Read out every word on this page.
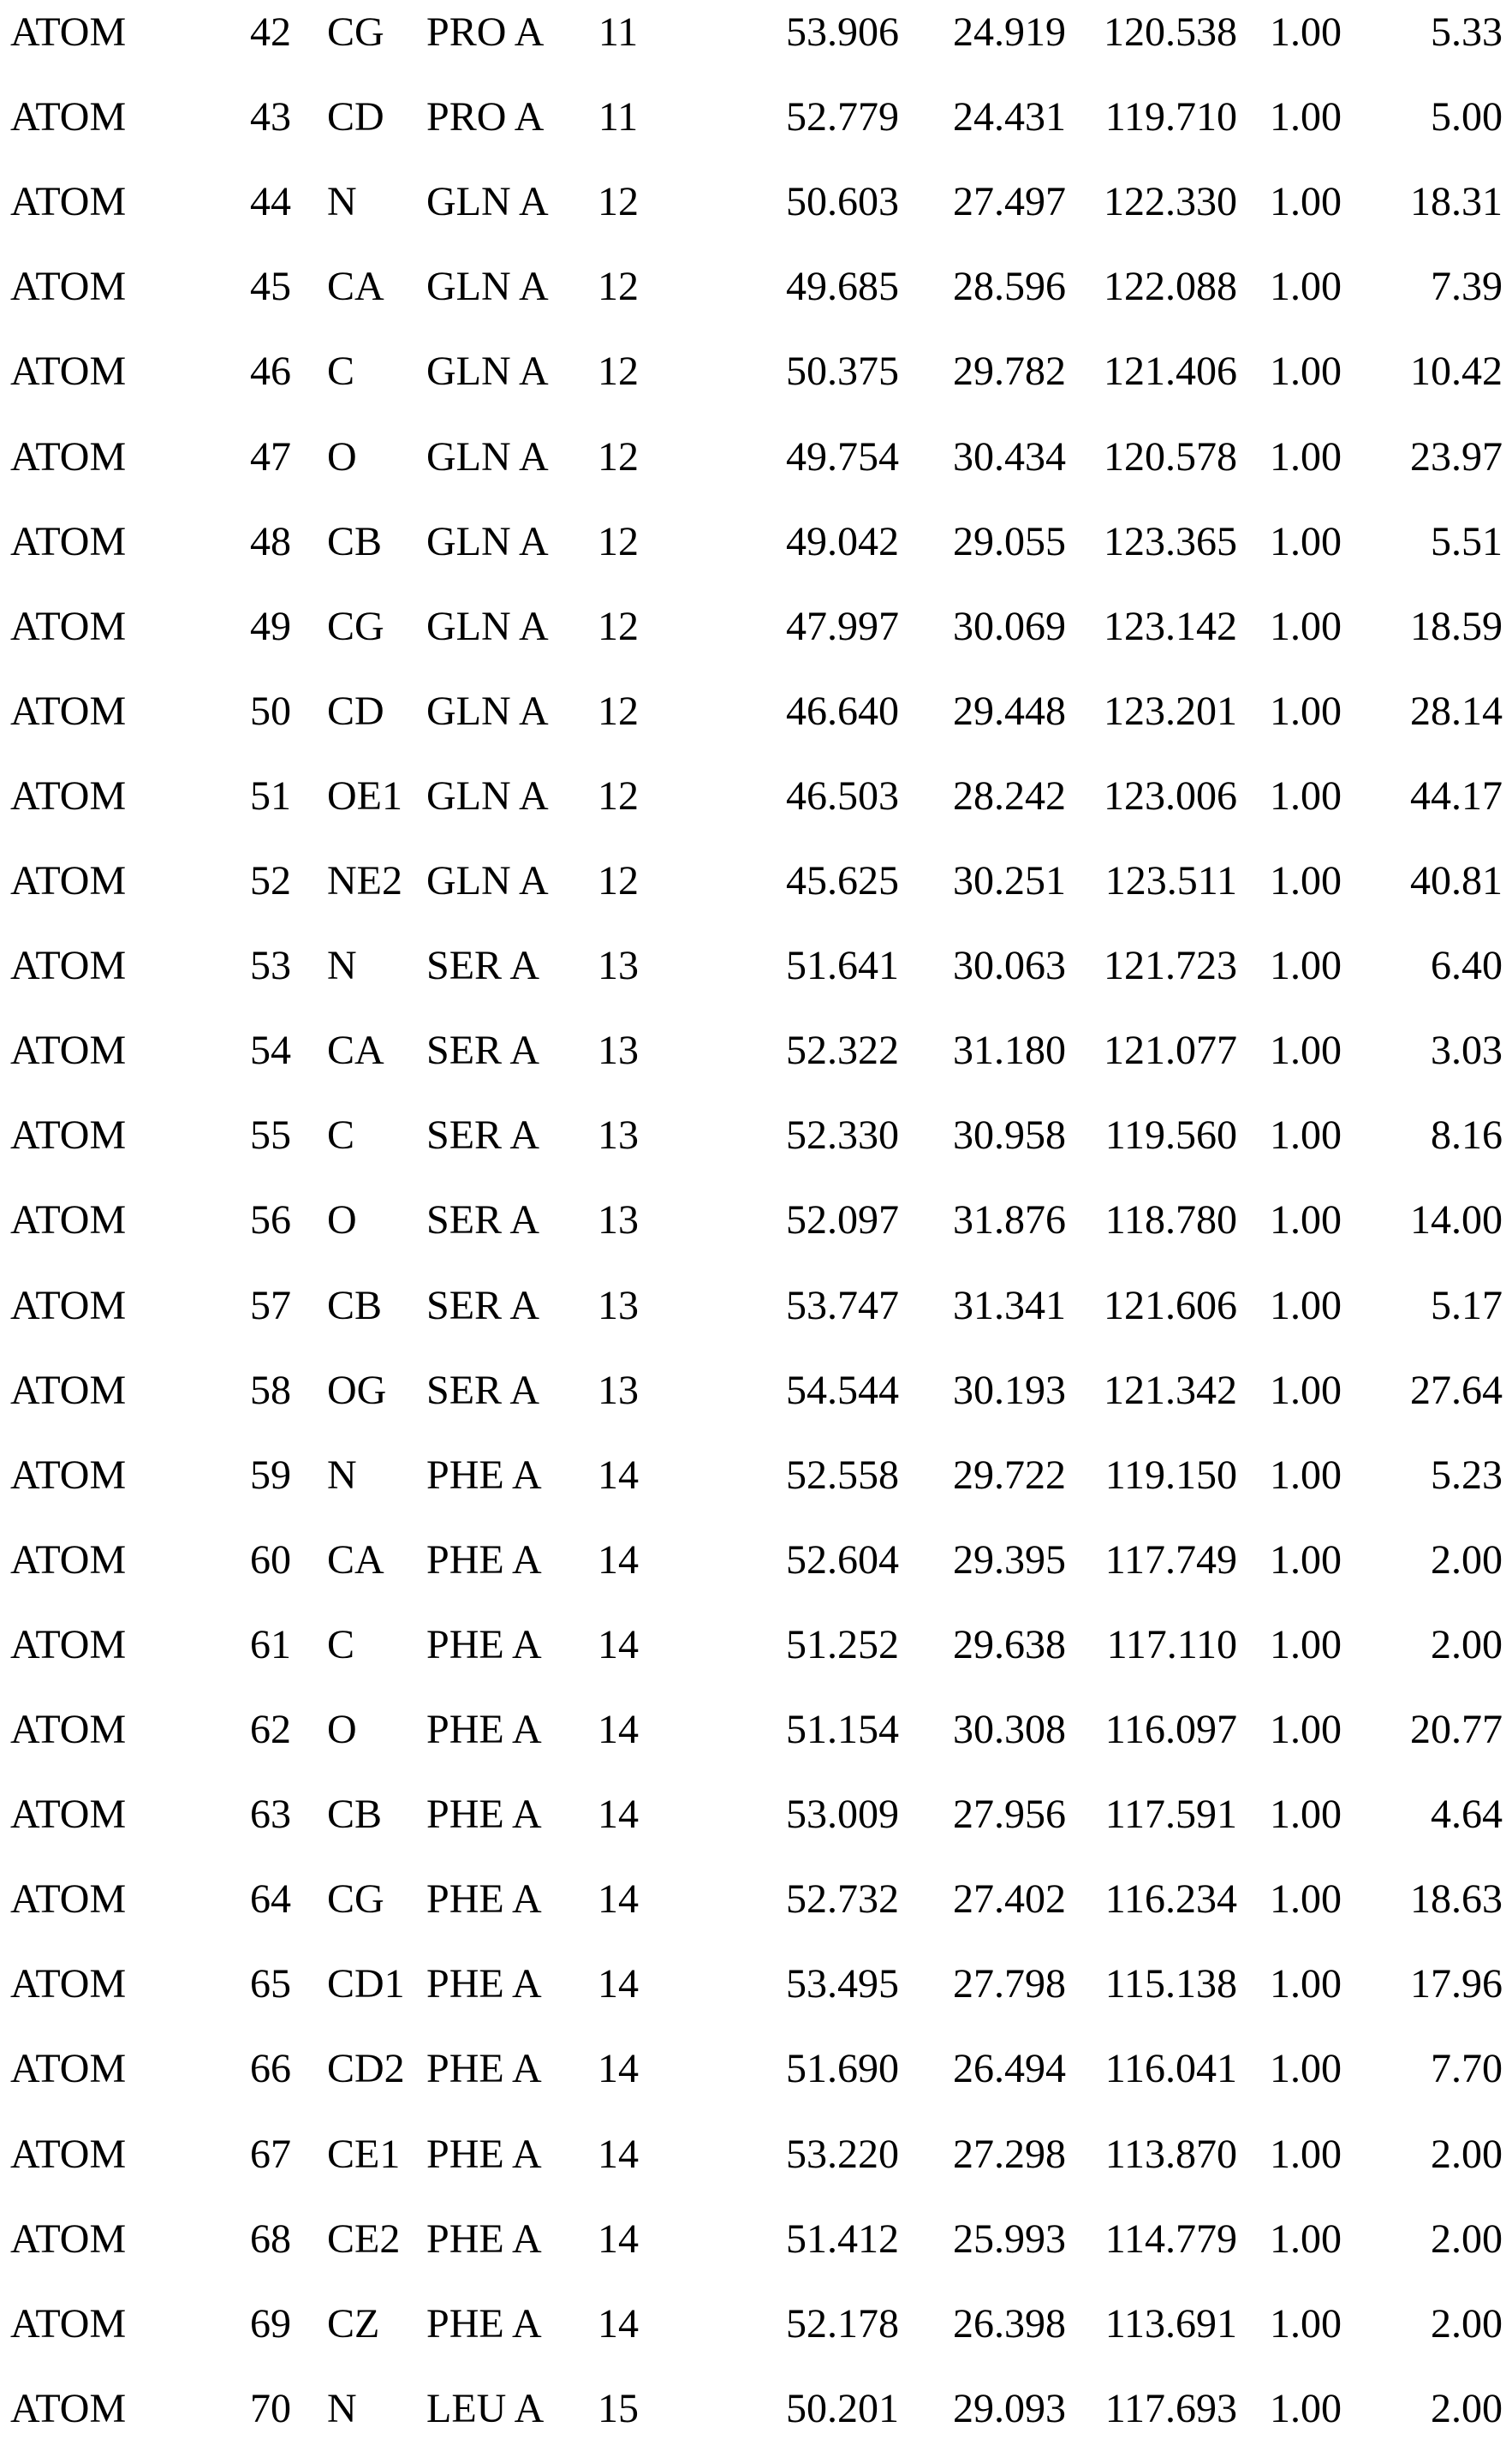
ATOM	42 CG	PRO A	11	53.906	24.919 120.538 1.00	5.33
ATOM	43 CD	PRO A	11	52.779	24.431 119.710 1.00	5.00
ATOM	44 N	GLN A	12	50.603	27.497 122.330 1.00	18.31
ATOM	45 CA	GLN A	12	49.685	28.596 122.088 1.00	7.39
ATOM	46 C	GLN A	12	50.375	29.782 121.406 1.00	10.42
ATOM	47 O	GLN A	12	49.754	30.434 120.578 1.00	23.97
ATOM	48 CB	GLN A	12	49.042	29.055 123.365 1.00	5.51
ATOM	49 CG	GLN A	12	47.997	30.069 123.142 1.00	18.59
ATOM	50 CD	GLN A	12	46.640	29.448 123.201 1.00	28.14
ATOM	51 OE1 GLN A	12	46.503	28.242 123.006 1.00	44.17
ATOM	52 NE2 GLN A	12	45.625	30.251 123.511 1.00	40.81
ATOM	53 N	SER A	13	51.641	30.063 121.723 1.00	6.40
ATOM	54 CA	SER A	13	52.322	31.180 121.077 1.00	3.03
ATOM	55 C	SER A	13	52.330	30.958 119.560 1.00	8.16
ATOM	56 O	SER A	13	52.097	31.876 118.780 1.00	14.00
ATOM	57 CB	SER A	13	53.747	31.341 121.606 1.00	5.17
ATOM	58 OG SER A	13	54.544	30.193 121.342 1.00	27.64
ATOM	59 N	PHE A	14	52.558	29.722 119.150 1.00	5.23
ATOM	60 CA	PHE A	14	52.604	29.395 117.749 1.00	2.00
ATOM	61 C	PHE A	14	51.252	29.638 117.110 1.00	2.00
ATOM	62 O	PHE A	14	51.154	30.308 116.097 1.00	20.77
ATOM	63 CB	PHE A	14	53.009	27.956 117.591 1.00	4.64
ATOM	64 CG	PHE A	14	52.732	27.402 116.234 1.00	18.63
ATOM	65 CD1 PHE A	14	53.495	27.798 115.138 1.00	17.96
ATOM	66 CD2 PHE A	14	51.690	26.494 116.041 1.00	7.70
ATOM	67 CE1 PHE A	14	53.220	27.298 113.870 1.00	2.00
ATOM	68 CE2 PHE A	14	51.412	25.993 114.779 1.00	2.00
ATOM	69 CZ	PHE A	14	52.178	26.398 113.691 1.00	2.00
ATOM	70 N	LEU A	15	50.201	29.093 117.693 1.00	2.00
